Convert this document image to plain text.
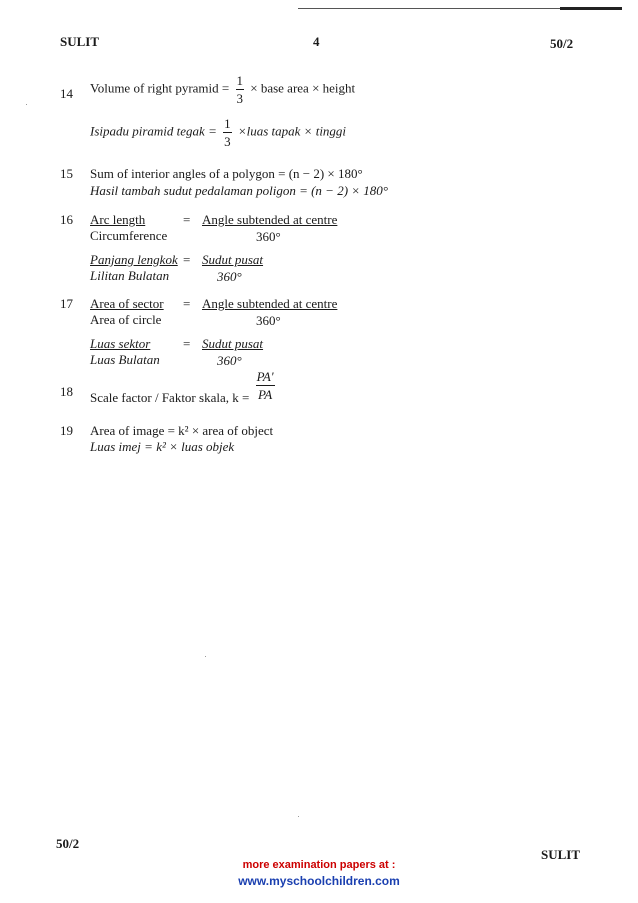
SULIT	4	50/2
14 Volume of right pyramid = $\frac{1}{3}$ × base area × height
Isipadu piramid tegak = $\frac{1}{3}$ ×luas tapak × tinggi
15 Sum of interior angles of a polygon = (n − 2) × 180°
Hasil tambah sudut pedalaman poligon = (n − 2) × 180°
16 Arc length	= Angle subtended at centre
Circumference	360°
Panjang lengkok = Sudut pusat
Lilitan Bulatan	360°
17 Area of sector = Angle subtended at centre
Area of circle	360°
Luas sektor	= Sudut pusat
Luas Bulatan	360°
18 Scale factor / Faktor skala, $k = \frac{PA'}{PA}$
19 Area of image = k² × area of object
Luas imej = k² × luas objek
50/2
SULIT
more examination papers at :
www.myschoolchildren.com
